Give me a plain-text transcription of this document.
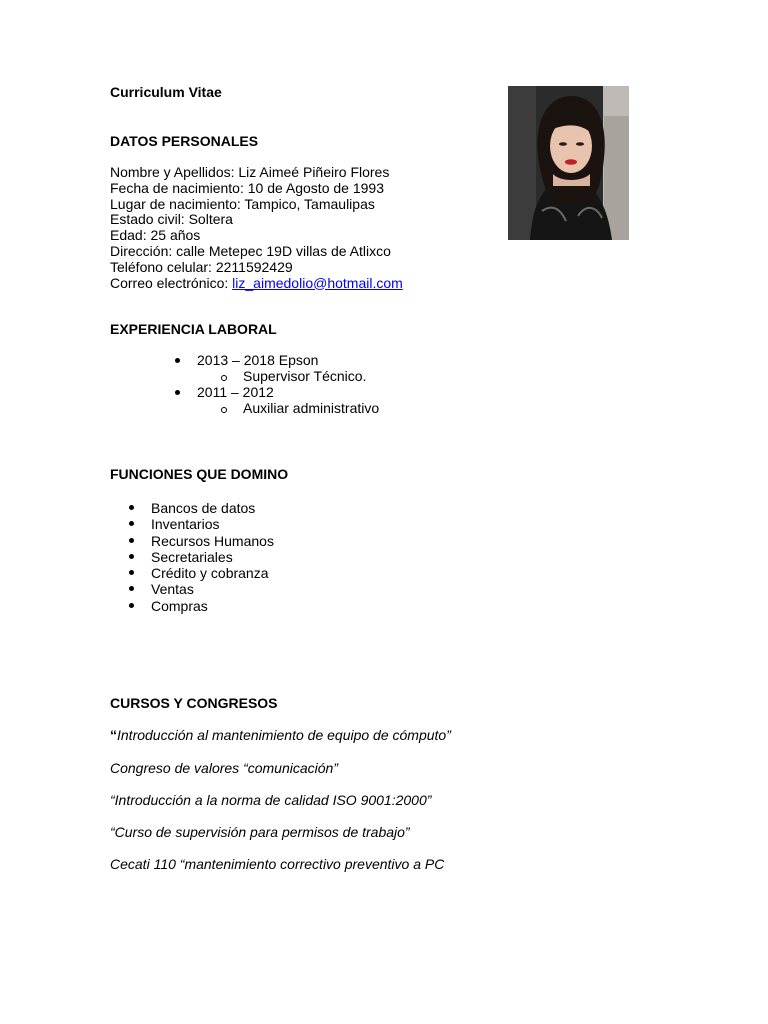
Curriculum Vitae
DATOS PERSONALES
Nombre y Apellidos: Liz Aimeé Piñeiro Flores
Fecha de nacimiento: 10 de Agosto de 1993
Lugar de nacimiento: Tampico, Tamaulipas
Estado civil: Soltera
Edad: 25 años
Dirección: calle Metepec 19D villas de Atlixco
Teléfono celular: 2211592429
Correo electrónico: liz_aimedolio@hotmail.com
EXPERIENCIA LABORAL
2013 – 2018 Epson
Supervisor Técnico.
2011 – 2012
Auxiliar administrativo
FUNCIONES QUE DOMINO
Bancos de datos
Inventarios
Recursos Humanos
Secretariales
Crédito y cobranza
Ventas
Compras
CURSOS Y CONGRESOS
“Introducción al mantenimiento de equipo de cómputo”
Congreso de valores “comunicación”
“Introducción a la norma de calidad ISO 9001:2000”
“Curso de supervisión para permisos de trabajo”
Cecati 110 “mantenimiento correctivo preventivo a PC
